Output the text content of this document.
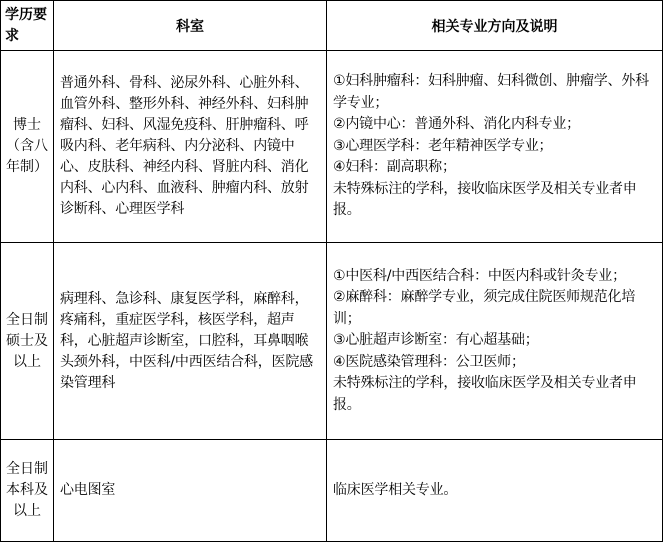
学历要求	科室	相关专业方向及说明
博士（含八年制）	普通外科、骨科、泌尿外科、心脏外科、血管外科、整形外科、神经外科、妇科肿瘤科、妇科、风湿免疫科、肝肿瘤科、呼吸内科、老年病科、内分泌科、内镜中心、皮肤科、神经内科、肾脏内科、消化内科、心内科、血液科、肿瘤内科、放射诊断科、心理医学科	①妇科肿瘤科：妇科肿瘤、妇科微创、肿瘤学、外科学专业；
②内镜中心：普通外科、消化内科专业；
③心理医学科：老年精神医学专业；
④妇科：副高职称；
未特殊标注的学科，接收临床医学及相关专业者申报。

全日制硕士及以上	病理科、急诊科、康复医学科，麻醉科，疼痛科，重症医学科，核医学科，超声科，心脏超声诊断室，口腔科，耳鼻咽喉头颈外科，中医科/中西医结合科，医院感染管理科	①中医科/中西医结合科：中医内科或针灸专业；
②麻醉科：麻醉学专业，须完成住院医师规范化培训；
③心脏超声诊断室：有心超基础；
④医院感染管理科：公卫医师；
未特殊标注的学科，接收临床医学及相关专业者申报。

全日制本科及以上	心电图室	临床医学相关专业。
